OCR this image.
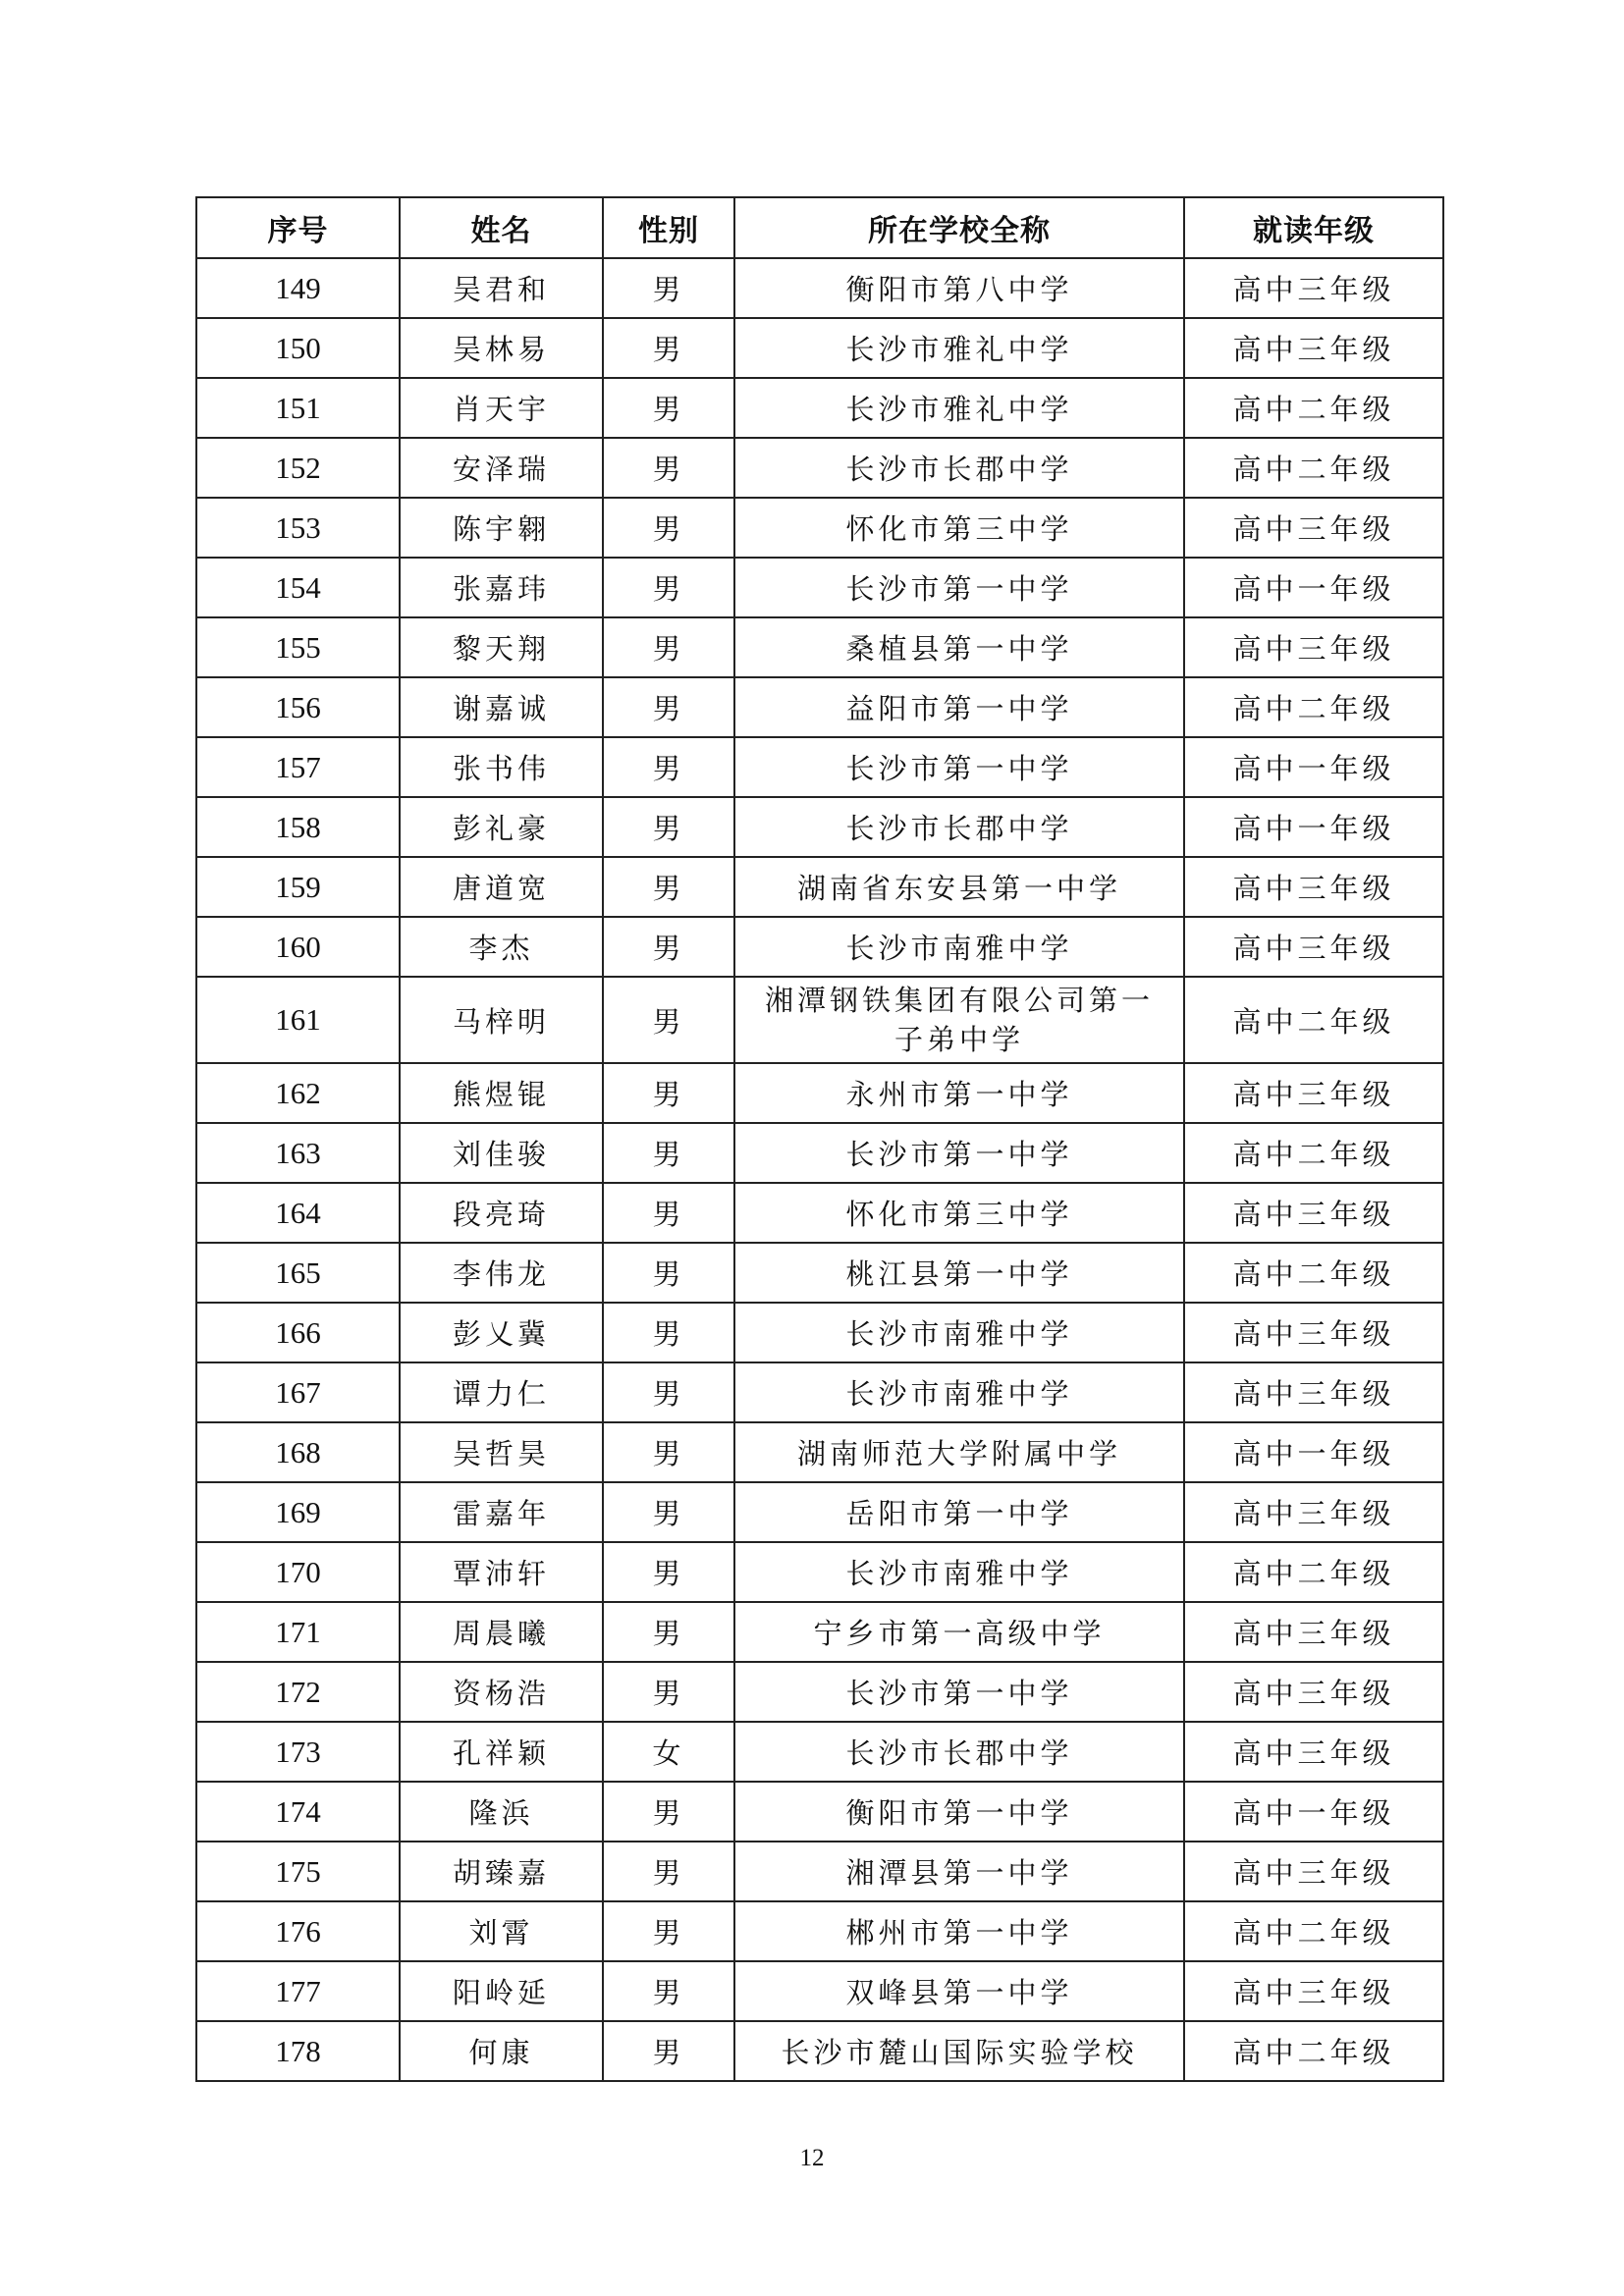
序号	姓名	性别	所在学校全称	就读年级
149	吴君和	男	衡阳市第八中学	高中三年级
150	吴林易	男	长沙市雅礼中学	高中三年级
151	肖天宇	男	长沙市雅礼中学	高中二年级
152	安泽瑞	男	长沙市长郡中学	高中二年级
153	陈宇翱	男	怀化市第三中学	高中三年级
154	张嘉玮	男	长沙市第一中学	高中一年级
155	黎天翔	男	桑植县第一中学	高中三年级
156	谢嘉诚	男	益阳市第一中学	高中二年级
157	张书伟	男	长沙市第一中学	高中一年级
158	彭礼豪	男	长沙市长郡中学	高中一年级
159	唐道宽	男	湖南省东安县第一中学	高中三年级
160	李杰	男	长沙市南雅中学	高中三年级
161	马梓明	男	湘潭钢铁集团有限公司第一子弟中学	高中二年级
162	熊煜锟	男	永州市第一中学	高中三年级
163	刘佳骏	男	长沙市第一中学	高中二年级
164	段亮琦	男	怀化市第三中学	高中三年级
165	李伟龙	男	桃江县第一中学	高中二年级
166	彭乂冀	男	长沙市南雅中学	高中三年级
167	谭力仁	男	长沙市南雅中学	高中三年级
168	吴哲昊	男	湖南师范大学附属中学	高中一年级
169	雷嘉年	男	岳阳市第一中学	高中三年级
170	覃沛轩	男	长沙市南雅中学	高中二年级
171	周晨曦	男	宁乡市第一高级中学	高中三年级
172	资杨浩	男	长沙市第一中学	高中三年级
173	孔祥颖	女	长沙市长郡中学	高中三年级
174	隆浜	男	衡阳市第一中学	高中一年级
175	胡臻嘉	男	湘潭县第一中学	高中三年级
176	刘霄	男	郴州市第一中学	高中二年级
177	阳岭延	男	双峰县第一中学	高中三年级
178	何康	男	长沙市麓山国际实验学校	高中二年级
12
